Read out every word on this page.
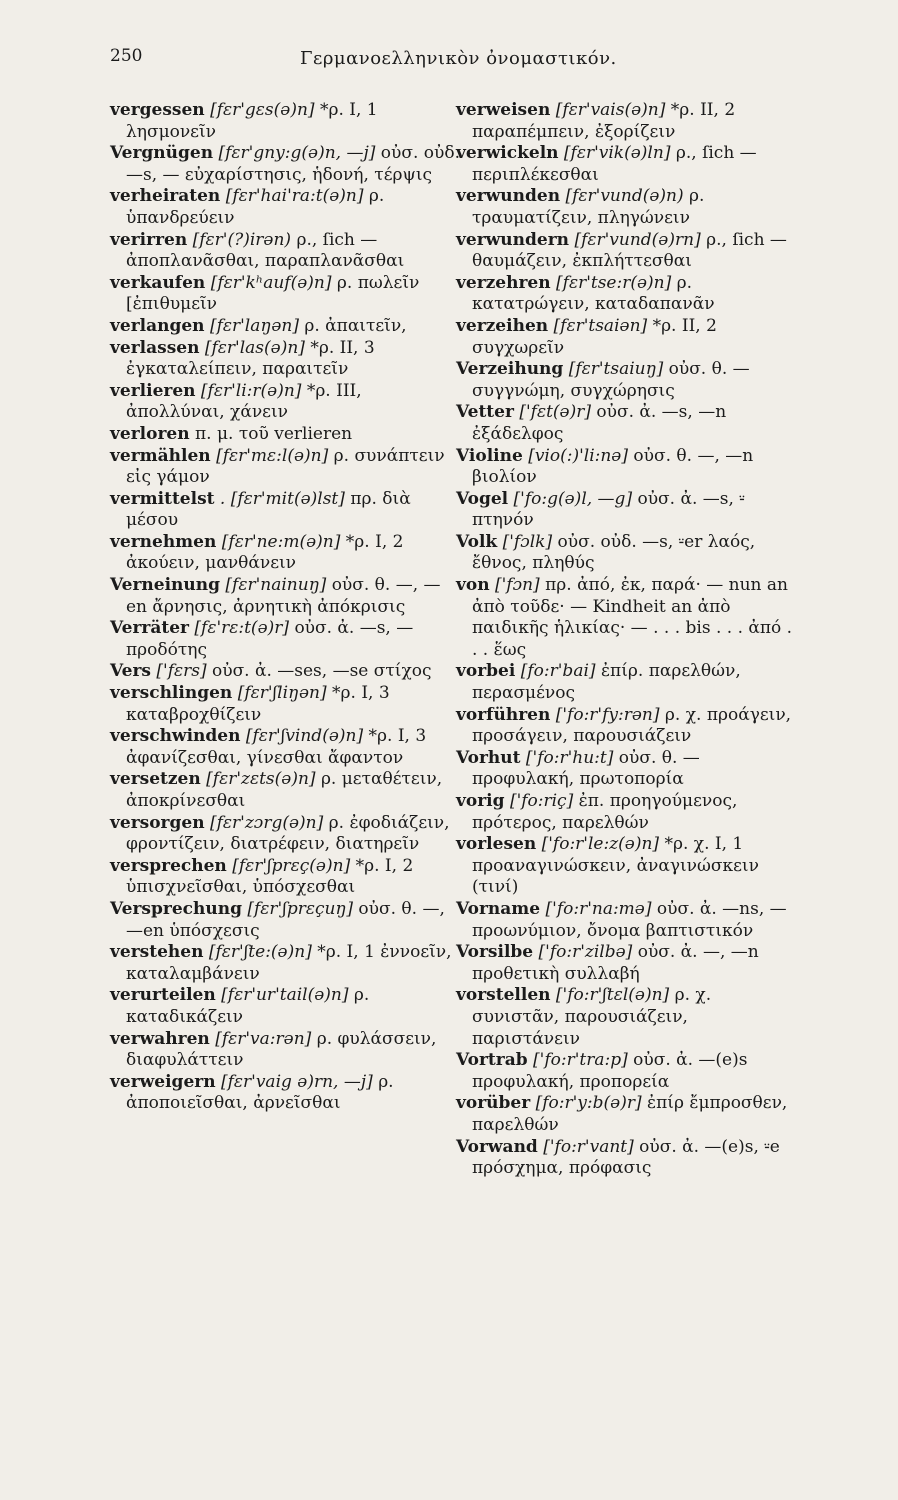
250	Γερμανοελληνικὸν ὀνομαστικόν.

vergessen [fɛr'gɛs(ə)n] *ρ. I, 1 λησμονεῖν

Vergnügen [fɛr'gny:g(ə)n, —j] οὐσ. οὐδ. —s, — εὐχαρίστησις, ἡδονή, τέρψις

verheiraten [fɛr'hai'ra:t(ə)n] ρ. ὑπανδρεύειν

verirren [fɛr'(?)irən) ρ., ſich — ἀποπλανᾶσθαι, παραπλανᾶσθαι

verkaufen [fɛr'kʰauf(ə)n] ρ. πωλεῖν [ἐπιθυμεῖν

verlangen [fɛr'laŋən] ρ. ἀπαιτεῖν,

verlassen [fɛr'las(ə)n] *ρ. II, 3 ἐγκαταλείπειν, παραιτεῖν

verlieren [fɛr'li:r(ə)n] *ρ. III, ἀπολλύναι, χάνειν

verloren π. μ. τοῦ verlieren

vermählen [fɛr'mɛ:l(ə)n] ρ. συνάπτειν εἰς γάμον

vermittelst . [fɛr'mit(ə)lst] πρ. διὰ μέσου

vernehmen [fɛr'ne:m(ə)n] *ρ. I, 2 ἀκούειν, μανθάνειν

Verneinung [fɛr'nainuŋ] οὐσ. θ. —, —en ἄρνησις, ἀρνητικὴ ἀπόκρισις

Verräter [fɛ'rɛ:t(ə)r] οὐσ. ἀ. —s, — προδότης

Vers ['fɛrs] οὐσ. ἀ. —ses, —se στίχος

verschlingen [fɛr'ʃliŋən] *ρ. I, 3 καταβροχθίζειν

verschwinden [fɛr'ʃvind(ə)n] *ρ. I, 3 ἀφανίζεσθαι, γίνεσθαι ἄφαντον

versetzen [fɛr'zɛts(ə)n] ρ. μεταθέτειν, ἀποκρίνεσθαι

versorgen [fɛr'zɔrg(ə)n] ρ. ἐφοδιάζειν, φροντίζειν, διατρέφειν, διατηρεῖν

versprechen [fɛr'ʃprɛç(ə)n] *ρ. I, 2 ὑπισχνεῖσθαι, ὑπόσχεσθαι

Versprechung [fɛr'ʃprɛçuŋ] οὐσ. θ. —, —en ὑπόσχεσις

verstehen [fɛr'ʃte:(ə)n] *ρ. I, 1 ἐννοεῖν, καταλαμβάνειν

verurteilen [fɛr'ur'tail(ə)n] ρ. καταδικάζειν

verwahren [fɛr'va:rən] ρ. φυλάσσειν, διαφυλάττειν

verweigern [fɛr'vaig ə)rn, —j] ρ. ἀποποιεῖσθαι, ἀρνεῖσθαι

verweisen [fɛr'vais(ə)n] *ρ. II, 2 παραπέμπειν, ἐξορίζειν

verwickeln [fɛr'vik(ə)ln] ρ., ſich — περιπλέκεσθαι

verwunden [fɛr'vund(ə)n) ρ. τραυματίζειν, πληγώνειν

verwundern [fɛr'vund(ə)rn] ρ., ſich — θαυμάζειν, ἐκπλήττεσθαι

verzehren [fɛr'tse:r(ə)n] ρ. κατατρώγειν, καταδαπανᾶν

verzeihen [fɛr'tsaiən] *ρ. II, 2 συγχωρεῖν

Verzeihung [fɛr'tsaiuŋ] οὐσ. θ. — συγγνώμη, συγχώρησις

Vetter ['fɛt(ə)r] οὐσ. ἀ. —s, —n ἐξάδελφος

Violine [vio(:)'li:nə] οὐσ. θ. —, —n βιολίον

Vogel ['fo:g(ə)l, —g] οὐσ. ἀ. —s, ⸚ πτηνόν

Volk ['fɔlk] οὐσ. οὐδ. —s, ⸚er λαός, ἔθνος, πληθύς

von ['fɔn] πρ. ἀπό, ἐκ, παρά· — nun an ἀπὸ τοῦδε· — Kindheit an ἀπὸ παιδικῆς ἡλικίας· — . . . bis . . . ἀπό . . . ἕως

vorbei [fo:r'bai] ἐπίρ. παρελθών, περασμένος

vorführen ['fo:r'fy:rən] ρ. χ. προάγειν, προσάγειν, παρουσιάζειν

Vorhut ['fo:r'hu:t] οὐσ. θ. — προφυλακή, πρωτοπορία

vorig ['fo:riç] ἐπ. προηγούμενος, πρότερος, παρελθών

vorlesen ['fo:r'le:z(ə)n] *ρ. χ. I, 1 προαναγινώσκειν, ἀναγινώσκειν (τινί)

Vorname ['fo:r'na:mə] οὐσ. ἀ. —ns, — προωνύμιον, ὄνομα βαπτιστικόν

Vorsilbe ['fo:r'zilbə] οὐσ. ἀ. —, —n προθετικὴ συλλαβή

vorstellen ['fo:r'ʃtɛl(ə)n] ρ. χ. συνιστᾶν, παρουσιάζειν, παριστάνειν

Vortrab ['fo:r'tra:p] οὐσ. ἀ. —(e)s προφυλακή, προπορεία

vorüber [fo:r'y:b(ə)r] ἐπίρ ἔμπροσθεν, παρελθών

Vorwand ['fo:r'vant] οὐσ. ἀ. —(e)s, ⸚e πρόσχημα, πρόφασις
